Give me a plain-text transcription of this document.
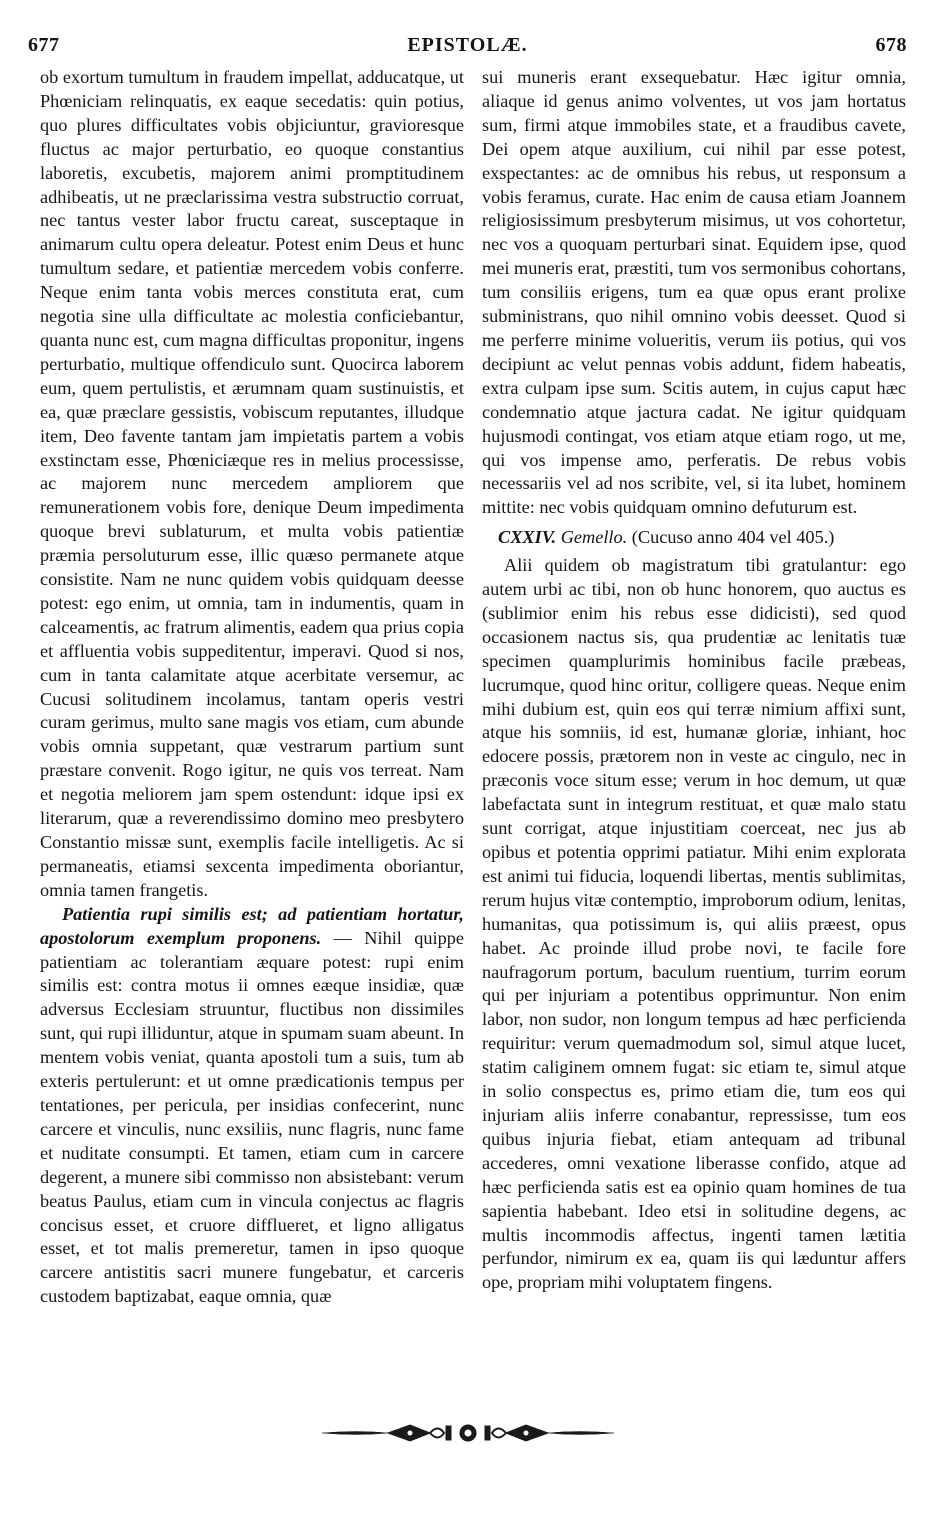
677	EPISTOLÆ.	678

ob exortum tumultum in fraudem impellat, adducatque, ut Phœniciam relinquatis, ex eaque secedatis: quin potius, quo plures difficultates vobis objiciuntur, gravioresque fluctus ac major perturbatio, eo quoque constantius laboretis, excubetis, majorem animi promptitudinem adhibeatis, ut ne præclarissima vestra substructio corruat, nec tantus vester labor fructu careat, susceptaque in animarum cultu opera deleatur. Potest enim Deus et hunc tumultum sedare, et patientiæ mercedem vobis conferre. Neque enim tanta vobis merces constituta erat, cum negotia sine ulla difficultate ac molestia conficiebantur, quanta nunc est, cum magna difficultas proponitur, ingens perturbatio, multique offendiculo sunt. Quocirca laborem eum, quem pertulistis, et ærumnam quam sustinuistis, et ea, quæ præclare gessistis, vobiscum reputantes, illudque item, Deo favente tantam jam impietatis partem a vobis exstinctam esse, Phœniciæque res in melius processisse, ac majorem nunc mercedem ampliorem que remunerationem vobis fore, denique Deum impedimenta quoque brevi sublaturum, et multa vobis patientiæ præmia persoluturum esse, illic quæso permanete atque consistite. Nam ne nunc quidem vobis quidquam deesse potest: ego enim, ut omnia, tam in indumentis, quam in calceamentis, ac fratrum alimentis, eadem qua prius copia et affluentia vobis suppeditentur, imperavi. Quod si nos, cum in tanta calamitate atque acerbitate versemur, ac Cucusi solitudinem incolamus, tantam operis vestri curam gerimus, multo sane magis vos etiam, cum abunde vobis omnia suppetant, quæ vestrarum partium sunt præstare convenit. Rogo igitur, ne quis vos terreat. Nam et negotia meliorem jam spem ostendunt: idque ipsi ex literarum, quæ a reverendissimo domino meo presbytero Constantio missæ sunt, exemplis facile intelligetis. Ac si permaneatis, etiamsi sexcenta impedimenta oboriantur, omnia tamen frangetis.

Patientia rupi similis est; ad patientiam hortatur, apostolorum exemplum proponens. — Nihil quippe patientiam ac tolerantiam æquare potest: rupi enim similis est: contra motus ii omnes eæque insidiæ, quæ adversus Ecclesiam struuntur, fluctibus non dissimiles sunt, qui rupi illiduntur, atque in spumam suam abeunt. In mentem vobis veniat, quanta apostoli tum a suis, tum ab exteris pertulerunt: et ut omne prædicationis tempus per tentationes, per pericula, per insidias confecerint, nunc carcere et vinculis, nunc exsiliis, nunc flagris, nunc fame et nuditate consumpti. Et tamen, etiam cum in carcere degerent, a munere sibi commisso non absistebant: verum beatus Paulus, etiam cum in vincula conjectus ac flagris concisus esset, et cruore difflueret, et ligno alligatus esset, et tot malis premeretur, tamen in ipso quoque carcere antistitis sacri munere fungebatur, et carceris custodem baptizabat, eaque omnia, quæ

sui muneris erant exsequebatur. Hæc igitur omnia, aliaque id genus animo volventes, ut vos jam hortatus sum, firmi atque immobiles state, et a fraudibus cavete, Dei opem atque auxilium, cui nihil par esse potest, exspectantes: ac de omnibus his rebus, ut responsum a vobis feramus, curate. Hac enim de causa etiam Joannem religiosissimum presbyterum misimus, ut vos cohortetur, nec vos a quoquam perturbari sinat. Equidem ipse, quod mei muneris erat, præstiti, tum vos sermonibus cohortans, tum consiliis erigens, tum ea quæ opus erant prolixe subministrans, quo nihil omnino vobis deesset. Quod si me perferre minime volueritis, verum iis potius, qui vos decipiunt ac velut pennas vobis addunt, fidem habeatis, extra culpam ipse sum. Scitis autem, in cujus caput hæc condemnatio atque jactura cadat. Ne igitur quidquam hujusmodi contingat, vos etiam atque etiam rogo, ut me, qui vos impense amo, perferatis. De rebus vobis necessariis vel ad nos scribite, vel, si ita lubet, hominem mittite: nec vobis quidquam omnino defuturum est.

CXXIV. Gemello. (Cucuso anno 404 vel 405.)

Alii quidem ob magistratum tibi gratulantur: ego autem urbi ac tibi, non ob hunc honorem, quo auctus es (sublimior enim his rebus esse didicisti), sed quod occasionem nactus sis, qua prudentiæ ac lenitatis tuæ specimen quamplurimis hominibus facile præbeas, lucrumque, quod hinc oritur, colligere queas. Neque enim mihi dubium est, quin eos qui terræ nimium affixi sunt, atque his somniis, id est, humanæ gloriæ, inhiant, hoc edocere possis, prætorem non in veste ac cingulo, nec in præconis voce situm esse; verum in hoc demum, ut quæ labefactata sunt in integrum restituat, et quæ malo statu sunt corrigat, atque injustitiam coerceat, nec jus ab opibus et potentia opprimi patiatur. Mihi enim explorata est animi tui fiducia, loquendi libertas, mentis sublimitas, rerum hujus vitæ contemptio, improborum odium, lenitas, humanitas, qua potissimum is, qui aliis præest, opus habet. Ac proinde illud probe novi, te facile fore naufragorum portum, baculum ruentium, turrim eorum qui per injuriam a potentibus opprimuntur. Non enim labor, non sudor, non longum tempus ad hæc perficienda requiritur: verum quemadmodum sol, simul atque lucet, statim caliginem omnem fugat: sic etiam te, simul atque in solio conspectus es, primo etiam die, tum eos qui injuriam aliis inferre conabantur, repressisse, tum eos quibus injuria fiebat, etiam antequam ad tribunal accederes, omni vexatione liberasse confido, atque ad hæc perficienda satis est ea opinio quam homines de tua sapientia habebant. Ideo etsi in solitudine degens, ac multis incommodis affectus, ingenti tamen lætitia perfundor, nimirum ex ea, quam iis qui læduntur affers ope, propriam mihi voluptatem fingens.
